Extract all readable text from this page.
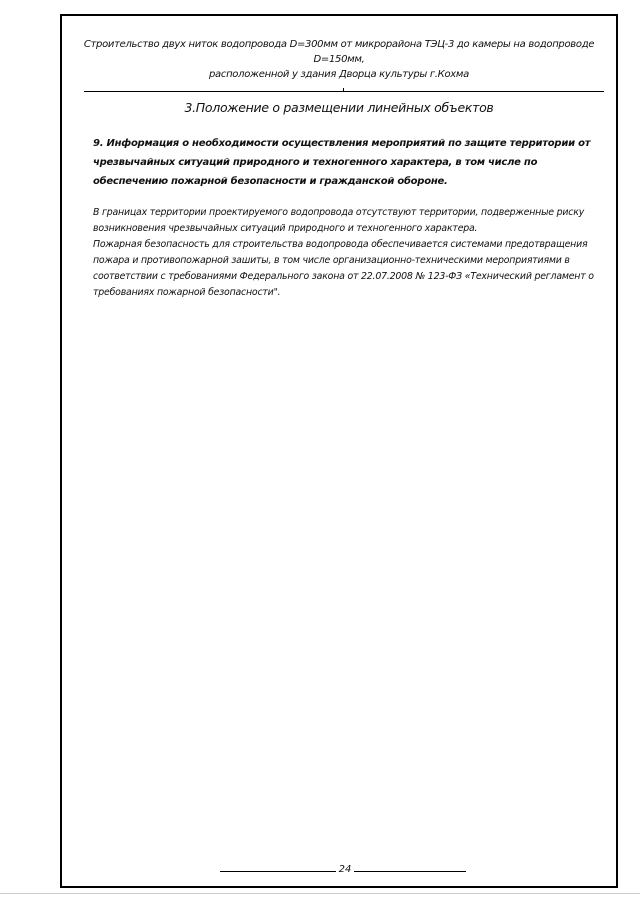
Строительство двух ниток водопровода D=300мм от микрорайона ТЭЦ-3 до камеры на водопроводе D=150мм,
расположенной у здания Дворца культуры г.Кохма
3.Положение о размещении линейных объектов
9. Информация о необходимости осуществления мероприятий по защите территории от чрезвычайных ситуаций природного и техногенного характера, в том числе по обеспечению пожарной безопасности и гражданской обороне.

В границах территории проектируемого водопровода отсутствуют территории, подверженные риску возникновения чрезвычайных ситуаций природного и техногенного характера.

Пожарная безопасность для строительства водопровода обеспечивается системами предотвращения пожара и противопожарной зашиты, в том числе организационно-техническими мероприятиями в соответствии с требованиями Федерального закона от 22.07.2008 № 123-ФЗ «Технический регламент о требованиях пожарной безопасности".

24
